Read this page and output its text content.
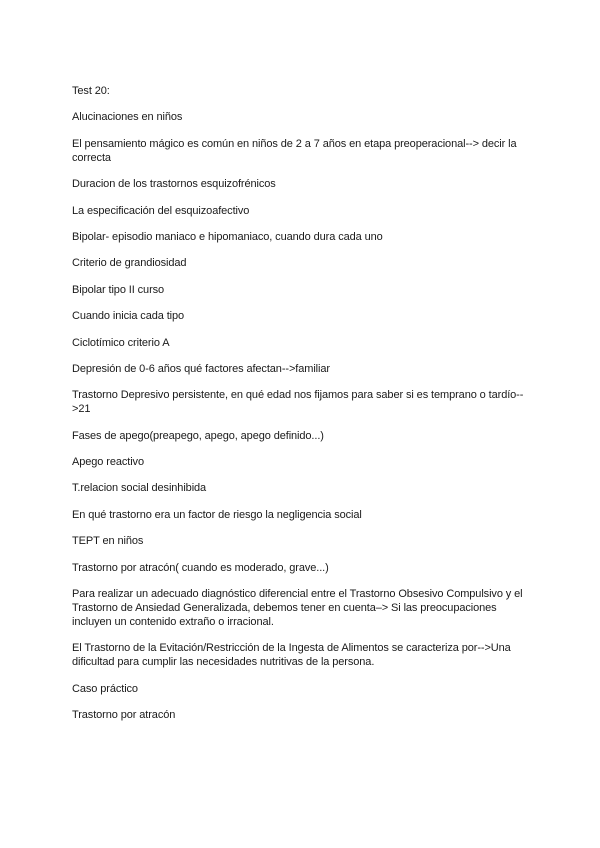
Test 20:

Alucinaciones en niños

El pensamiento mágico es común en niños de 2 a 7 años en etapa preoperacional--> decir la correcta

Duracion de los trastornos esquizofrénicos

La especificación del esquizoafectivo

Bipolar- episodio maniaco e hipomaniaco, cuando dura cada uno

Criterio de grandiosidad

Bipolar tipo II curso

Cuando inicia cada tipo

Ciclotímico criterio A

Depresión de 0-6 años qué factores afectan-->familiar

Trastorno Depresivo persistente, en qué edad nos fijamos para saber si es temprano o tardío-->21

Fases de apego(preapego, apego, apego definido...)

Apego reactivo

T.relacion social desinhibida

En qué trastorno era un factor de riesgo la negligencia social

TEPT en niños

Trastorno por atracón( cuando es moderado, grave...)

Para realizar un adecuado diagnóstico diferencial entre el Trastorno Obsesivo Compulsivo y el Trastorno de Ansiedad Generalizada, debemos tener en cuenta–> Si las preocupaciones incluyen un contenido extraño o irracional.

El Trastorno de la Evitación/Restricción de la Ingesta de Alimentos se caracteriza por-->Una dificultad para cumplir las necesidades nutritivas de la persona.

Caso práctico

Trastorno por atracón
